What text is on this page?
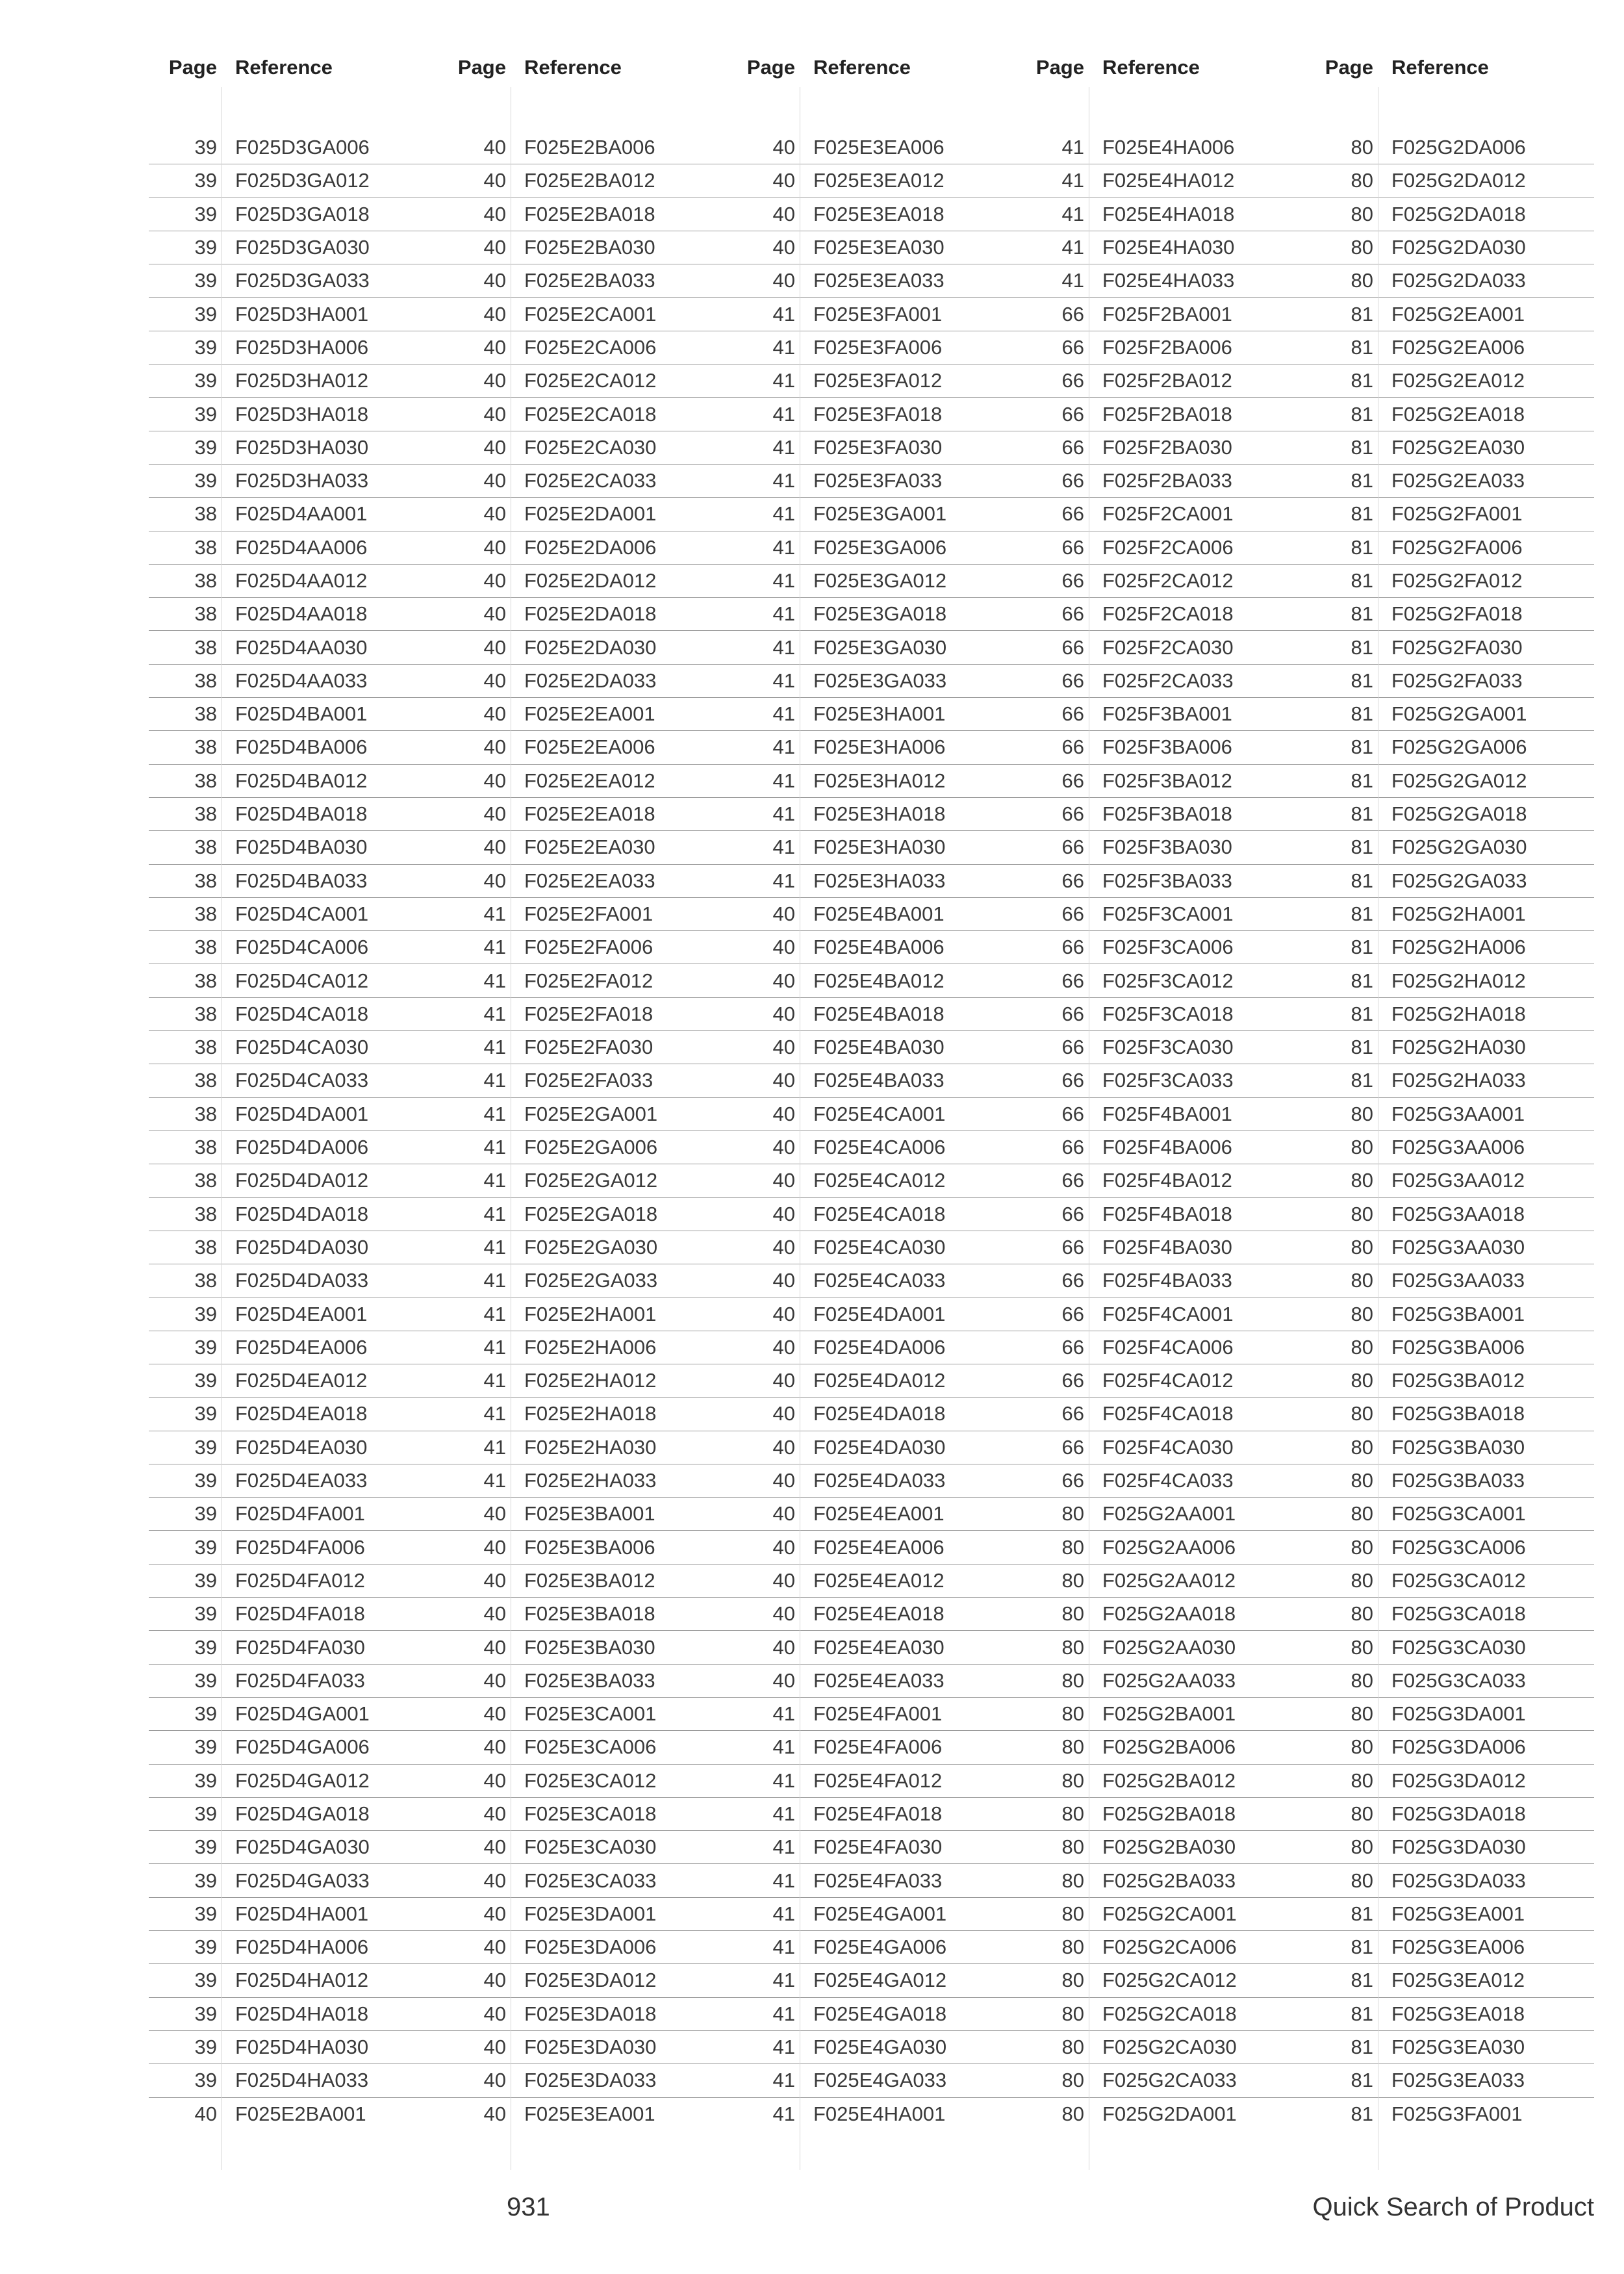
Page Reference
39 F025D3GA006
39 F025D3GA012
39 F025D3GA018
39 F025D3GA030
39 F025D3GA033
39 F025D3HA001
39 F025D3HA006
39 F025D3HA012
39 F025D3HA018
39 F025D3HA030
39 F025D3HA033
38 F025D4AA001
38 F025D4AA006
38 F025D4AA012
38 F025D4AA018
38 F025D4AA030
38 F025D4AA033
38 F025D4BA001
38 F025D4BA006
38 F025D4BA012
38 F025D4BA018
38 F025D4BA030
38 F025D4BA033
38 F025D4CA001
38 F025D4CA006
38 F025D4CA012
38 F025D4CA018
38 F025D4CA030
38 F025D4CA033
38 F025D4DA001
38 F025D4DA006
38 F025D4DA012
38 F025D4DA018
38 F025D4DA030
38 F025D4DA033
39 F025D4EA001
39 F025D4EA006
39 F025D4EA012
39 F025D4EA018
39 F025D4EA030
39 F025D4EA033
39 F025D4FA001
39 F025D4FA006
39 F025D4FA012
39 F025D4FA018
39 F025D4FA030
39 F025D4FA033
39 F025D4GA001
39 F025D4GA006
39 F025D4GA012
39 F025D4GA018
39 F025D4GA030
39 F025D4GA033
39 F025D4HA001
39 F025D4HA006
39 F025D4HA012
39 F025D4HA018
39 F025D4HA030
39 F025D4HA033
40 F025E2BA001
Page Reference
40 F025E2BA006
40 F025E2BA012
40 F025E2BA018
40 F025E2BA030
40 F025E2BA033
40 F025E2CA001
40 F025E2CA006
40 F025E2CA012
40 F025E2CA018
40 F025E2CA030
40 F025E2CA033
40 F025E2DA001
40 F025E2DA006
40 F025E2DA012
40 F025E2DA018
40 F025E2DA030
40 F025E2DA033
40 F025E2EA001
40 F025E2EA006
40 F025E2EA012
40 F025E2EA018
40 F025E2EA030
40 F025E2EA033
41 F025E2FA001
41 F025E2FA006
41 F025E2FA012
41 F025E2FA018
41 F025E2FA030
41 F025E2FA033
41 F025E2GA001
41 F025E2GA006
41 F025E2GA012
41 F025E2GA018
41 F025E2GA030
41 F025E2GA033
41 F025E2HA001
41 F025E2HA006
41 F025E2HA012
41 F025E2HA018
41 F025E2HA030
41 F025E2HA033
40 F025E3BA001
40 F025E3BA006
40 F025E3BA012
40 F025E3BA018
40 F025E3BA030
40 F025E3BA033
40 F025E3CA001
40 F025E3CA006
40 F025E3CA012
40 F025E3CA018
40 F025E3CA030
40 F025E3CA033
40 F025E3DA001
40 F025E3DA006
40 F025E3DA012
40 F025E3DA018
40 F025E3DA030
40 F025E3DA033
40 F025E3EA001
Page Reference
40 F025E3EA006
40 F025E3EA012
40 F025E3EA018
40 F025E3EA030
40 F025E3EA033
41 F025E3FA001
41 F025E3FA006
41 F025E3FA012
41 F025E3FA018
41 F025E3FA030
41 F025E3FA033
41 F025E3GA001
41 F025E3GA006
41 F025E3GA012
41 F025E3GA018
41 F025E3GA030
41 F025E3GA033
41 F025E3HA001
41 F025E3HA006
41 F025E3HA012
41 F025E3HA018
41 F025E3HA030
41 F025E3HA033
40 F025E4BA001
40 F025E4BA006
40 F025E4BA012
40 F025E4BA018
40 F025E4BA030
40 F025E4BA033
40 F025E4CA001
40 F025E4CA006
40 F025E4CA012
40 F025E4CA018
40 F025E4CA030
40 F025E4CA033
40 F025E4DA001
40 F025E4DA006
40 F025E4DA012
40 F025E4DA018
40 F025E4DA030
40 F025E4DA033
40 F025E4EA001
40 F025E4EA006
40 F025E4EA012
40 F025E4EA018
40 F025E4EA030
40 F025E4EA033
41 F025E4FA001
41 F025E4FA006
41 F025E4FA012
41 F025E4FA018
41 F025E4FA030
41 F025E4FA033
41 F025E4GA001
41 F025E4GA006
41 F025E4GA012
41 F025E4GA018
41 F025E4GA030
41 F025E4GA033
41 F025E4HA001
Page Reference
41 F025E4HA006
41 F025E4HA012
41 F025E4HA018
41 F025E4HA030
41 F025E4HA033
66 F025F2BA001
66 F025F2BA006
66 F025F2BA012
66 F025F2BA018
66 F025F2BA030
66 F025F2BA033
66 F025F2CA001
66 F025F2CA006
66 F025F2CA012
66 F025F2CA018
66 F025F2CA030
66 F025F2CA033
66 F025F3BA001
66 F025F3BA006
66 F025F3BA012
66 F025F3BA018
66 F025F3BA030
66 F025F3BA033
66 F025F3CA001
66 F025F3CA006
66 F025F3CA012
66 F025F3CA018
66 F025F3CA030
66 F025F3CA033
66 F025F4BA001
66 F025F4BA006
66 F025F4BA012
66 F025F4BA018
66 F025F4BA030
66 F025F4BA033
66 F025F4CA001
66 F025F4CA006
66 F025F4CA012
66 F025F4CA018
66 F025F4CA030
66 F025F4CA033
80 F025G2AA001
80 F025G2AA006
80 F025G2AA012
80 F025G2AA018
80 F025G2AA030
80 F025G2AA033
80 F025G2BA001
80 F025G2BA006
80 F025G2BA012
80 F025G2BA018
80 F025G2BA030
80 F025G2BA033
80 F025G2CA001
80 F025G2CA006
80 F025G2CA012
80 F025G2CA018
80 F025G2CA030
80 F025G2CA033
80 F025G2DA001
Page Reference
80 F025G2DA006
80 F025G2DA012
80 F025G2DA018
80 F025G2DA030
80 F025G2DA033
81 F025G2EA001
81 F025G2EA006
81 F025G2EA012
81 F025G2EA018
81 F025G2EA030
81 F025G2EA033
81 F025G2FA001
81 F025G2FA006
81 F025G2FA012
81 F025G2FA018
81 F025G2FA030
81 F025G2FA033
81 F025G2GA001
81 F025G2GA006
81 F025G2GA012
81 F025G2GA018
81 F025G2GA030
81 F025G2GA033
81 F025G2HA001
81 F025G2HA006
81 F025G2HA012
81 F025G2HA018
81 F025G2HA030
81 F025G2HA033
80 F025G3AA001
80 F025G3AA006
80 F025G3AA012
80 F025G3AA018
80 F025G3AA030
80 F025G3AA033
80 F025G3BA001
80 F025G3BA006
80 F025G3BA012
80 F025G3BA018
80 F025G3BA030
80 F025G3BA033
80 F025G3CA001
80 F025G3CA006
80 F025G3CA012
80 F025G3CA018
80 F025G3CA030
80 F025G3CA033
80 F025G3DA001
80 F025G3DA006
80 F025G3DA012
80 F025G3DA018
80 F025G3DA030
80 F025G3DA033
81 F025G3EA001
81 F025G3EA006
81 F025G3EA012
81 F025G3EA018
81 F025G3EA030
81 F025G3EA033
81 F025G3FA001
931	Quick Search of Product
